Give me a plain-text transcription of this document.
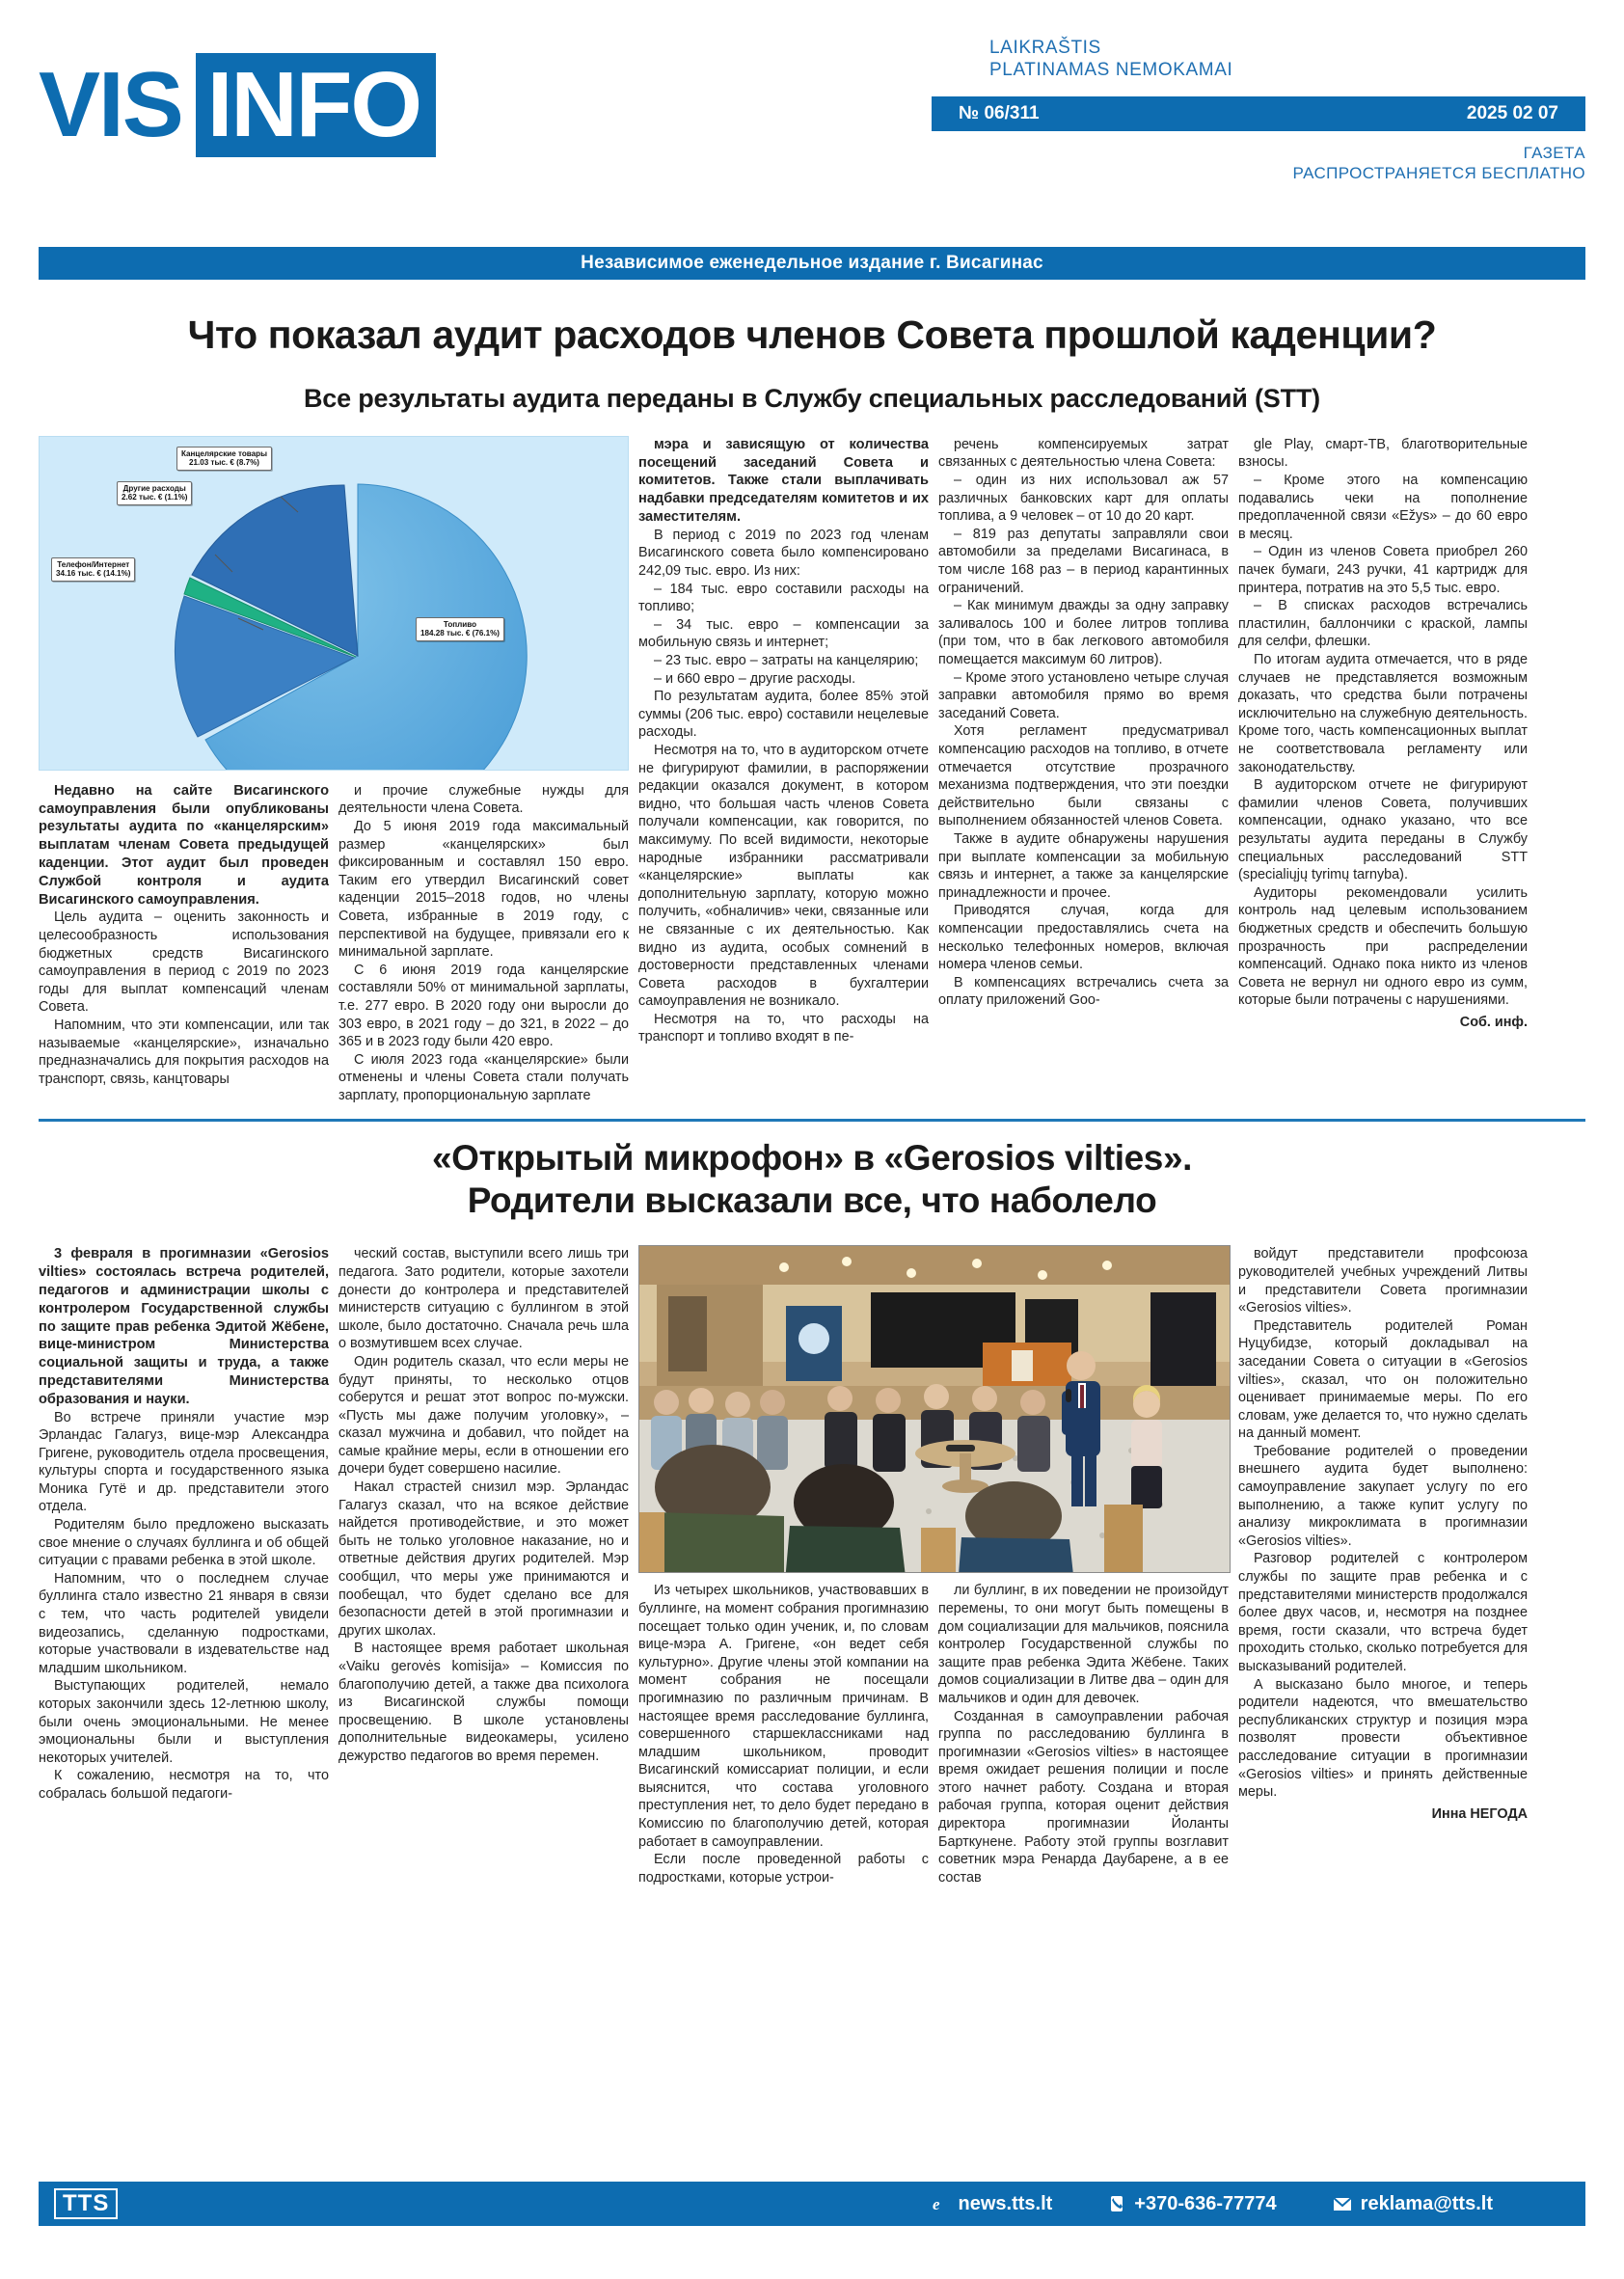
VIS INFO
LAIKRAŠTIS
PLATINAMAS NEMOKAMAI
№ 06/311	2025 02 07
ГАЗЕТА
РАСПРОСТРАНЯЕТСЯ БЕСПЛАТНО
Независимое еженедельное издание г. Висагинас
Что показал аудит расходов членов Совета прошлой каденции?
Все результаты аудита переданы в Службу специальных расследований (STT)
Канцелярские товары
21.03 тыс. € (8.7%)
Другие расходы
2.62 тыс. € (1.1%)
Телефон/Интернет
34.16 тыс. € (14.1%)
Топливо
184.28 тыс. € (76.1%)

мэра и зависящую от количества посещений заседаний Совета и комитетов. Также стали выплачивать надбавки председателям комитетов и их заместителям.

В период с 2019 по 2023 год членам Висагинского совета было компенсировано 242,09 тыс. евро. Из них:

– 184 тыс. евро составили расходы на топливо;

– 34 тыс. евро – компенсации за мобильную связь и интернет;

– 23 тыс. евро – затраты на канцелярию;

– и 660 евро – другие расходы.

По результатам аудита, более 85% этой суммы (206 тыс. евро) составили нецелевые расходы.

Несмотря на то, что в аудиторском отчете не фигурируют фамилии, в распоряжении редакции оказался документ, в котором видно, что большая часть членов Совета получали компенсации, как говорится, по максимуму. По всей видимости, некоторые народные избранники рассматривали «канцелярские» выплаты как дополнительную зарплату, которую можно получить, «обналичив» чеки, связанные или не связанные с их деятельностью. Как видно из аудита, особых сомнений в достоверности представленных членами Совета расходов в бухгалтерии самоуправления не возникало.

Несмотря на то, что расходы на транспорт и топливо входят в пе-

речень компенсируемых затрат связанных с деятельностью члена Совета:

– один из них использовал аж 57 различных банковских карт для оплаты топлива, а 9 человек – от 10 до 20 карт.

– 819 раз депутаты заправляли свои автомобили за пределами Висагинаса, в том числе 168 раз – в период карантинных ограничений.

– Как минимум дважды за одну заправку заливалось 100 и более литров топлива (при том, что в бак легкового автомобиля помещается максимум 60 литров).

– Кроме этого установлено четыре случая заправки автомобиля прямо во время заседаний Совета.

Хотя регламент предусматривал компенсацию расходов на топливо, в отчете отмечается отсутствие прозрачного механизма подтверждения, что эти поездки действительно были связаны с выполнением обязанностей членов Совета.

Также в аудите обнаружены нарушения при выплате компенсации за мобильную связь и интернет, а также за канцелярские принадлежности и прочее.

Приводятся случая, когда для компенсации предоставлялись счета на несколько телефонных номеров, включая номера членов семьи.

В компенсациях встречались счета за оплату приложений Goo-

gle Play, смарт-ТВ, благотворительные взносы.

– Кроме этого на компенсацию подавались чеки на пополнение предоплаченной связи «Ežys» – до 60 евро в месяц.

– Один из членов Совета приобрел 260 пачек бумаги, 243 ручки, 41 картридж для принтера, потратив на это 5,5 тыс. евро.

– В списках расходов встречались пластилин, баллончики с краской, лампы для селфи, флешки.

По итогам аудита отмечается, что в ряде случаев не представляется возможным доказать, что средства были потрачены исключительно на служебную деятельность. Кроме того, часть компенсационных выплат не соответствовала регламенту или законодательству.

В аудиторском отчете не фигурируют фамилии членов Совета, получивших компенсации, однако указано, что все результаты аудита переданы в Службу специальных расследований STT (specialiųjų tyrimų tarnyba).

Аудиторы рекомендовали усилить контроль над целевым использованием бюджетных средств и обеспечить большую прозрачность при распределении компенсаций. Однако пока никто из членов Совета не вернул ни одного евро из сумм, которые были потрачены с нарушениями.

Соб. инф.

Недавно на сайте Висагинского самоуправления были опубликованы результаты аудита по «канцелярским» выплатам членам Совета предыдущей каденции. Этот аудит был проведен Службой контроля и аудита Висагинского самоуправления.

Цель аудита – оценить законность и целесообразность использования бюджетных средств Висагинского самоуправления в период с 2019 по 2023 годы для выплат компенсаций членам Совета.

Напомним, что эти компенсации, или так называемые «канцелярские», изначально предназначались для покрытия расходов на транспорт, связь, канцтовары

и прочие служебные нужды для деятельности члена Совета.

До 5 июня 2019 года максимальный размер «канцелярских» был фиксированным и составлял 150 евро. Таким его утвердил Висагинский совет каденции 2015–2018 годов, но члены Совета, избранные в 2019 году, с перспективой на будущее, привязали его к минимальной зарплате.

С 6 июня 2019 года канцелярские составляли 50% от минимальной зарплаты, т.е. 277 евро. В 2020 году они выросли до 303 евро, в 2021 году – до 321, в 2022 – до 365 и в 2023 году были 420 евро.

С июля 2023 года «канцелярские» были отменены и члены Совета стали получать зарплату, пропорциональную зарплате

«Открытый микрофон» в «Gerosios vilties».
Родители высказали все, что наболело

3 февраля в прогимназии «Gerosios vilties» состоялась встреча родителей, педагогов и администрации школы с контролером Государственной службы по защите прав ребенка Эдитой Жёбене, вице-министром Министерства социальной защиты и труда, а также представителями Министерства образования и науки.

Во встрече приняли участие мэр Эрландас Галагуз, вице-мэр Александра Григене, руководитель отдела просвещения, культуры спорта и государственного языка Моника Гутё и др. представители этого отдела.

Родителям было предложено высказать свое мнение о случаях буллинга и об общей ситуации с правами ребенка в этой школе.

Напомним, что о последнем случае буллинга стало известно 21 января в связи с тем, что часть родителей увидели видеозапись, сделанную подростками, которые участвовали в издевательстве над младшим школьником.

Выступающих родителей, немало которых закончили здесь 12-летнюю школу, были очень эмоциональными. Не менее эмоциональны были и выступления некоторых учителей.

К сожалению, несмотря на то, что собралась большой педагоги-

ческий состав, выступили всего лишь три педагога. Зато родители, которые захотели донести до контролера и представителей министерств ситуацию с буллингом в этой школе, было достаточно. Сначала речь шла о возмутившем всех случае.

Один родитель сказал, что если меры не будут приняты, то несколько отцов соберутся и решат этот вопрос по-мужски. «Пусть мы даже получим уголовку», – сказал мужчина и добавил, что пойдет на самые крайние меры, если в отношении его дочери будет совершено насилие.

Накал страстей снизил мэр. Эрландас Галагуз сказал, что на всякое действие найдется противодействие, и это может быть не только уголовное наказание, но и ответные действия других родителей. Мэр сообщил, что меры уже принимаются и пообещал, что будет сделано все для безопасности детей в этой прогимназии и других школах.

В настоящее время работает школьная «Vaiku gerovės komisija» – Комиссия по благополучию детей, а также два психолога из Висагинской службы помощи просвещению. В школе установлены дополнительные видеокамеры, усилено дежурство педагогов во время перемен.

Из четырех школьников, участвовавших в буллинге, на момент собрания прогимназию посещает только один ученик, и, по словам вице-мэра А. Григене, «он ведет себя культурно». Другие члены этой компании на момент собрания не посещали прогимназию по различным причинам. В настоящее время расследование буллинга, совершенного старшеклассниками над младшим школьником, проводит Висагинский комиссариат полиции, и если выяснится, что состава уголовного преступления нет, то дело будет передано в Комиссию по благополучию детей, которая работает в самоуправлении.

Если после проведенной работы с подростками, которые устрои-

ли буллинг, в их поведении не произойдут перемены, то они могут быть помещены в дом социализации для мальчиков, пояснила контролер Государственной службы по защите прав ребенка Эдита Жёбене. Таких домов социализации в Литве два – один для мальчиков и один для девочек.

Созданная в самоуправлении рабочая группа по расследованию буллинга в прогимназии «Gerosios vilties» в настоящее время ожидает решения полиции и после этого начнет работу. Создана и вторая рабочая группа, которая оценит действия директора прогимназии Йоланты Барткунене. Работу этой группы возглавит советник мэра Ренарда Даубарене, а в ее состав

войдут представители профсоюза руководителей учебных учреждений Литвы и представители Совета прогимназии «Gerosios vilties».

Представитель родителей Роман Нуцубидзе, который докладывал на заседании Совета о ситуации в «Gerosios vilties», сказал, что он положительно оценивает принимаемые меры. По его словам, уже делается то, что нужно сделать на данный момент.

Требование родителей о проведении внешнего аудита будет выполнено: самоуправление закупает услугу по его выполнению, а также купит услугу по анализу микроклимата в прогимназии «Gerosios vilties».

Разговор родителей с контролером службы по защите прав ребенка и с представителями министерств продолжался более двух часов, и, несмотря на позднее время, гости сказали, что встреча будет проходить столько, сколько потребуется для высказываний родителей.

А высказано было многое, и теперь родители надеются, что вмешательство республиканских структур и позиция мэра позволят провести объективное расследование ситуации в прогимназии «Gerosios vilties» и принять действенные меры.

Инна НЕГОДА
TTS	e news.tts.lt	+370-636-77774	reklama@tts.lt
